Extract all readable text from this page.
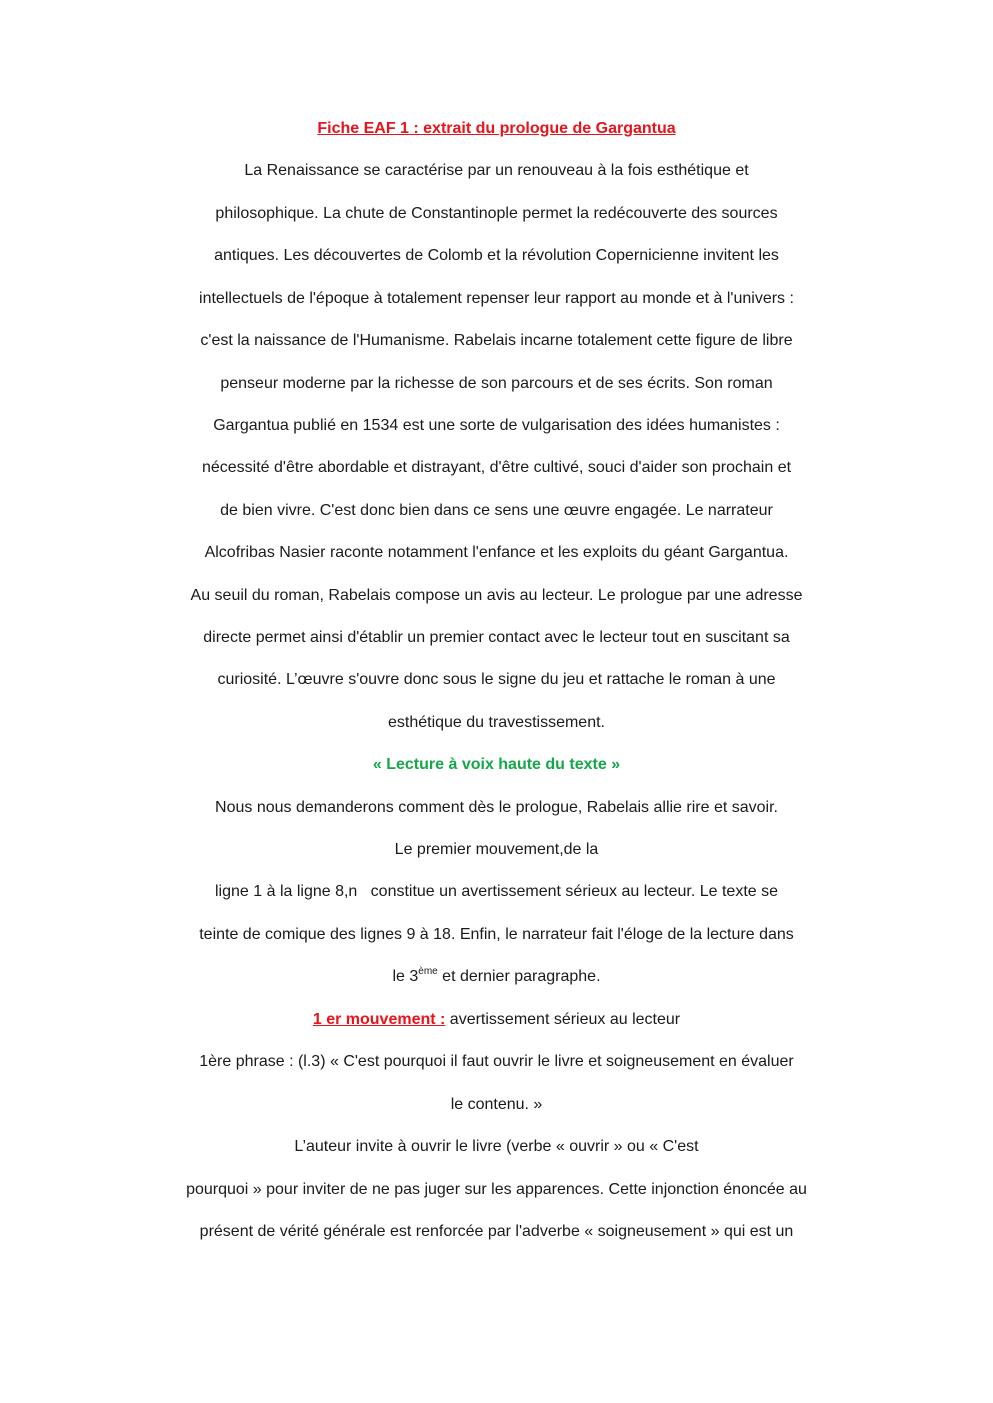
Fiche EAF 1 : extrait du prologue de Gargantua
La Renaissance se caractérise par un renouveau à la fois esthétique et
philosophique. La chute de Constantinople permet la redécouverte des sources
antiques. Les découvertes de Colomb et la révolution Copernicienne invitent les
intellectuels de l'époque à totalement repenser leur rapport au monde et à l'univers :
c'est la naissance de l'Humanisme. Rabelais incarne totalement cette figure de libre
penseur moderne par la richesse de son parcours et de ses écrits. Son roman
Gargantua publié en 1534 est une sorte de vulgarisation des idées humanistes :
nécessité d'être abordable et distrayant, d'être cultivé, souci d'aider son prochain et
de bien vivre. C'est donc bien dans ce sens une œuvre engagée. Le narrateur
Alcofribas Nasier raconte notamment l'enfance et les exploits du géant Gargantua.
Au seuil du roman, Rabelais compose un avis au lecteur. Le prologue par une adresse
directe permet ainsi d'établir un premier contact avec le lecteur tout en suscitant sa
curiosité. L’œuvre s'ouvre donc sous le signe du jeu et rattache le roman à une
esthétique du travestissement.
« Lecture à voix haute du texte »
Nous nous demanderons comment dès le prologue, Rabelais allie rire et savoir.
Le premier mouvement,de la
ligne 1 à la ligne 8,n   constitue un avertissement sérieux au lecteur. Le texte se
teinte de comique des lignes 9 à 18. Enfin, le narrateur fait l'éloge de la lecture dans
le 3ème et dernier paragraphe.
1 er mouvement : avertissement sérieux au lecteur
1ère phrase : (l.3) « C'est pourquoi il faut ouvrir le livre et soigneusement en évaluer
le contenu. »
L’auteur invite à ouvrir le livre (verbe « ouvrir » ou « C'est
pourquoi » pour inviter de ne pas juger sur les apparences. Cette injonction énoncée au
présent de vérité générale est renforcée par l'adverbe « soigneusement » qui est un
